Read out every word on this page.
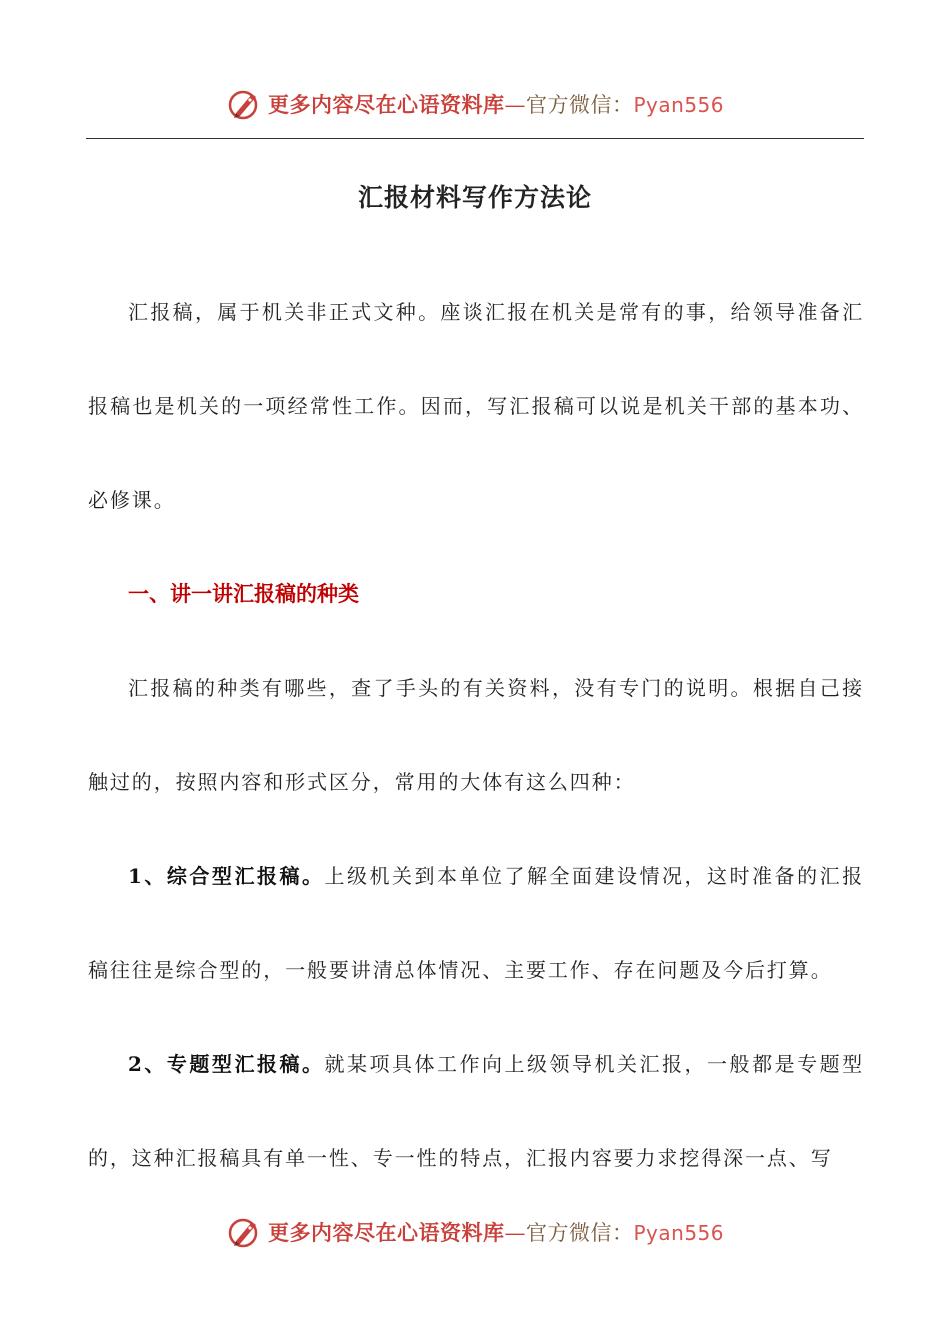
更多内容尽在心语资料库—官方微信：Pyan556
汇报材料写作方法论

汇报稿，属于机关非正式文种。座谈汇报在机关是常有的事，给领导准备汇报稿也是机关的一项经常性工作。因而，写汇报稿可以说是机关干部的基本功、必修课。

一、讲一讲汇报稿的种类

汇报稿的种类有哪些，查了手头的有关资料，没有专门的说明。根据自己接触过的，按照内容和形式区分，常用的大体有这么四种：

1、综合型汇报稿。上级机关到本单位了解全面建设情况，这时准备的汇报稿往往是综合型的，一般要讲清总体情况、主要工作、存在问题及今后打算。

2、专题型汇报稿。就某项具体工作向上级领导机关汇报，一般都是专题型的，这种汇报稿具有单一性、专一性的特点，汇报内容要力求挖得深一点、写

更多内容尽在心语资料库—官方微信：Pyan556
